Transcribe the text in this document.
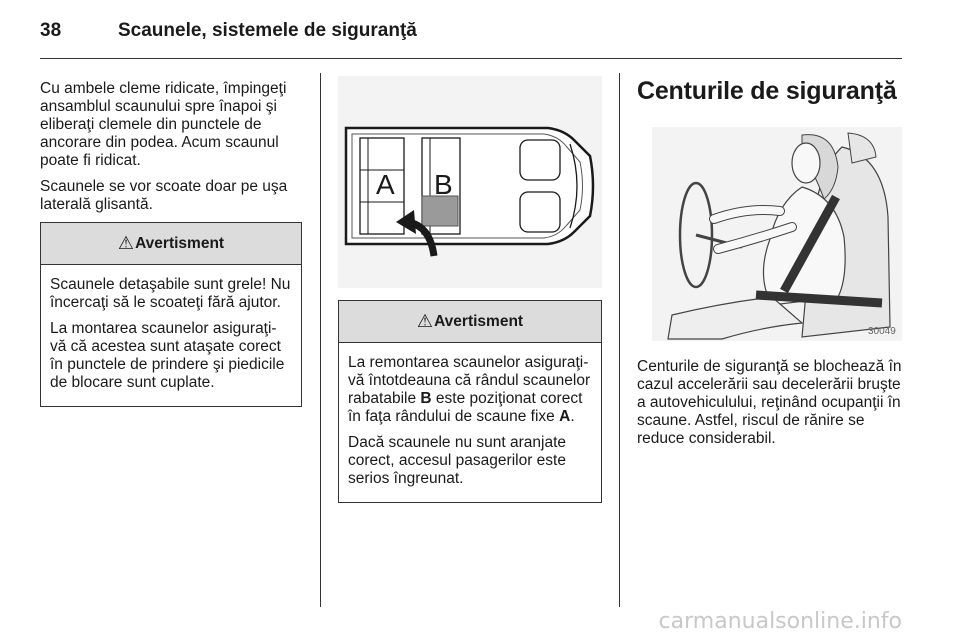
38	Scaunele, sistemele de siguranţă

Cu ambele cleme ridicate, împingeţi ansamblul scaunului spre înapoi şi eliberaţi clemele din punctele de ancorare din podea. Acum scaunul poate fi ridicat.

Scaunele se vor scoate doar pe uşa laterală glisantă.

⚠ Avertisment

Scaunele detaşabile sunt grele! Nu încercaţi să le scoateţi fără ajutor.

La montarea scaunelor asiguraţi-vă că acestea sunt ataşate corect în punctele de prindere şi piedicile de blocare sunt cuplate.

A B
⚠ Avertisment

La remontarea scaunelor asiguraţi-vă întotdeauna că rândul scaunelor rabatabile B este poziţionat corect în faţa rândului de scaune fixe A.

Dacă scaunele nu sunt aranjate corect, accesul pasagerilor este serios îngreunat.

Centurile de siguranţă
30049

Centurile de siguranţă se blochează în cazul accelerării sau decelerării bruşte a autovehiculului, reţinând ocupanţii în scaune. Astfel, riscul de rănire se reduce considerabil.

carmanualsonline.info
